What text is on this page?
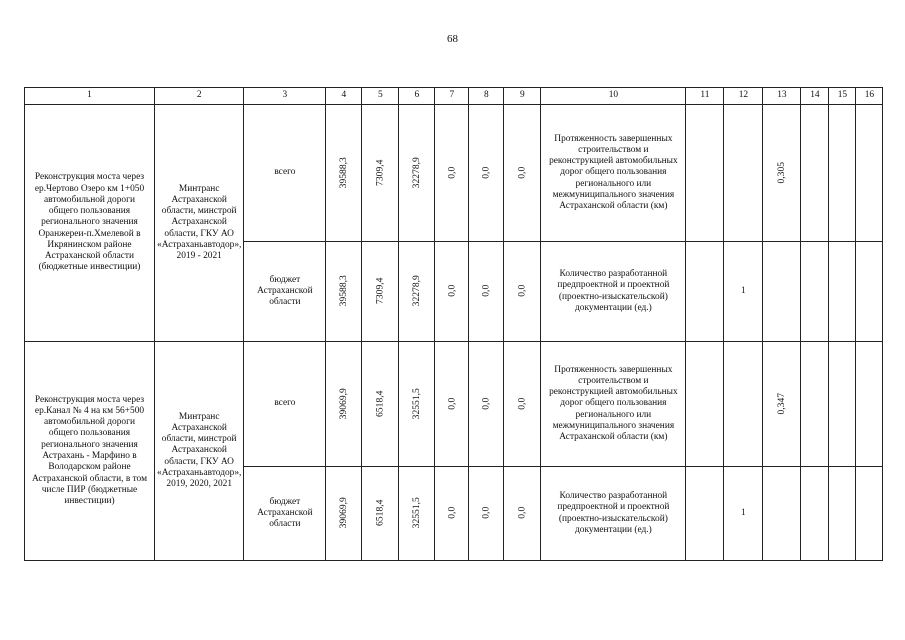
68
1	2	3	4	5	6	7	8	9	10	11	12	13	14	15	16
Реконструкция моста через ер.Чертово Озеро км 1+050 автомобильной дороги общего пользования регионального значения Оранжереи-п.Хмелевой в Икрянинском районе Астраханской области (бюджетные инвестиции)	Минтранс Астраханской области, минстрой Астраханской области, ГКУ АО «Астраханьавтодор», 2019 - 2021	всего	39588,3	7309,4	32278,9	0,0	0,0	0,0	Протяженность завершенных строительством и реконструкцией автомобильных дорог общего пользования регионального или межмуниципального значения Астраханской области (км)			0,305			
		бюджет Астраханской области	39588,3	7309,4	32278,9	0,0	0,0	0,0	Количество разработанной предпроектной и проектной (проектно-изыскательской) документации (ед.)		1				
Реконструкция моста через ер.Канал № 4 на км 56+500 автомобильной дороги общего пользования регионального значения Астрахань - Марфино в Володарском районе Астраханской области, в том числе ПИР (бюджетные инвестиции)	Минтранс Астраханской области, минстрой Астраханской области, ГКУ АО «Астраханьавтодор», 2019, 2020, 2021	всего	39069,9	6518,4	32551,5	0,0	0,0	0,0	Протяженность завершенных строительством и реконструкцией автомобильных дорог общего пользования регионального или межмуниципального значения Астраханской области (км)			0,347			
		бюджет Астраханской области	39069,9	6518,4	32551,5	0,0	0,0	0,0	Количество разработанной предпроектной и проектной (проектно-изыскательской) документации (ед.)		1				
